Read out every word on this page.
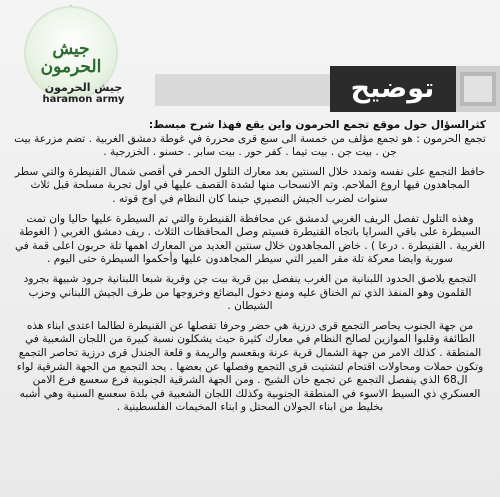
جيش الحرمون
جيش الحرمون
haramon army	توضيح

كثرالسؤال حول موقع تجمع الحرمون واين يقع فهذا شرح مبسط:

تجمع الحرمون : هو تجمع مؤلف من خمسة الى سبع قرى محررة في غوطة دمشق الغربية . تضم مزرعة بيت جن . بيت جن . بيت تيما . كفر حور . بيت سابر . حسنو . الخزرجية .

حافظ التجمع على نفسه وتمدد خلال السنتين بعد معارك التلول الحمر في أقصى شمال القنيطرة والتي سطر المجاهدون فيها اروع الملاحم. وتم الانسحاب منها لشدة القصف عليها في اول تجربة مسلحة قبل ثلاث سنوات لضرب الجيش النصيري حينما كان النظام في اوج قوته .

وهذه التلول تفصل الريف الغربي لدمشق عن محافظة القنيطرة والتي تم السيطرة عليها حاليا وان تمت السيطرة على باقي السرايا باتجاه القنيطرة فسيتم وصل المحافظات الثلاث . ريف دمشق الغربي ( الغوطة الغربية . القنيطرة . درعا ) . خاض المجاهدون خلال سنتين العديد من المعارك اهمها تلة حربون اعلى قمة في سورية وايضا معركة تلة مقر المير التي سيطر المجاهدون عليها وأحكموا السيطرة حتى اليوم .

التجمع يلاصق الحدود اللبنانية من الغرب ينفصل بين قرية بيت جن وقرية شبعا اللبنانية جرود شبيهة بجرود القلمون وهو المنفذ الذي تم الخناق عليه ومنع دخول البضائع وخروجها من طرف الجيش اللبناني وحزب الشيطان .

من جهة الجنوب يحاصر التجمع قرى درزية هي حضر وحرفا تفصلها عن القنيطرة لطالما اعتدى ابناء هذه الطائفة وقلبوا الموازين لصالح النظام في معارك كثيرة حيث يشكلون نسبة كبيرة من اللجان الشعبية في المنطقة . كذلك الامر من جهة الشمال قرية عرنة وبقعسم والريمة و قلعة الجندل قرى درزية تحاصر التجمع وتكون حملات ومحاولات اقتحام لتشتيت قرى التجمع وفصلها عن بعضها . يحد التجمع من الجهة الشرقية لواء ال68 الذي ينفصل التجمع عن تجمع خان الشيح . ومن الجهة الشرقية الجنوبية فرع سعسع فرع الامن العسكري ذي السيط الاسوء في المنطقة الجنوبية وكذلك اللجان الشعبية في بلدة سعسع السنية وهي أشبه بخليط من ابناء الجولان المحتل و ابناء المخيمات الفلسطينية .
